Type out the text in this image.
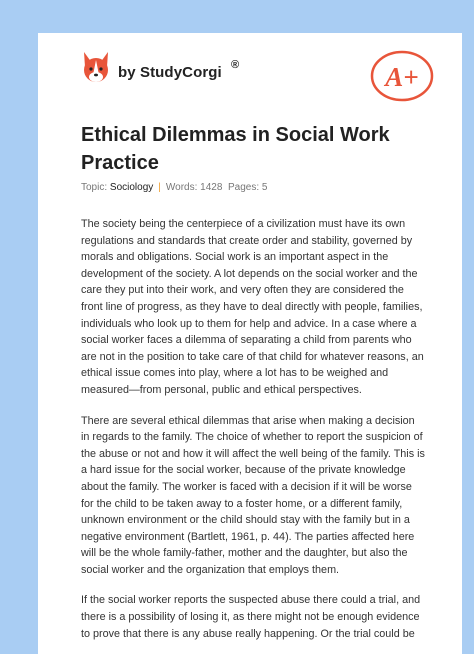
by StudyCorgi ®	A+
Ethical Dilemmas in Social Work Practice
Topic: Sociology | Words: 1428 Pages: 5

The society being the centerpiece of a civilization must have its own regulations and standards that create order and stability, governed by morals and obligations. Social work is an important aspect in the development of the society. A lot depends on the social worker and the care they put into their work, and very often they are considered the front line of progress, as they have to deal directly with people, families, individuals who look up to them for help and advice. In a case where a social worker faces a dilemma of separating a child from parents who are not in the position to take care of that child for whatever reasons, an ethical issue comes into play, where a lot has to be weighed and measured—from personal, public and ethical perspectives.

There are several ethical dilemmas that arise when making a decision in regards to the family. The choice of whether to report the suspicion of the abuse or not and how it will affect the well being of the family. This is a hard issue for the social worker, because of the private knowledge about the family. The worker is faced with a decision if it will be worse for the child to be taken away to a foster home, or a different family, unknown environment or the child should stay with the family but in a negative environment (Bartlett, 1961, p. 44). The parties affected here will be the whole family-father, mother and the daughter, but also the social worker and the organization that employs them.

If the social worker reports the suspected abuse there could a trial, and there is a possibility of losing it, as there might not be enough evidence to prove that there is any abuse really happening. Or the trial could be
